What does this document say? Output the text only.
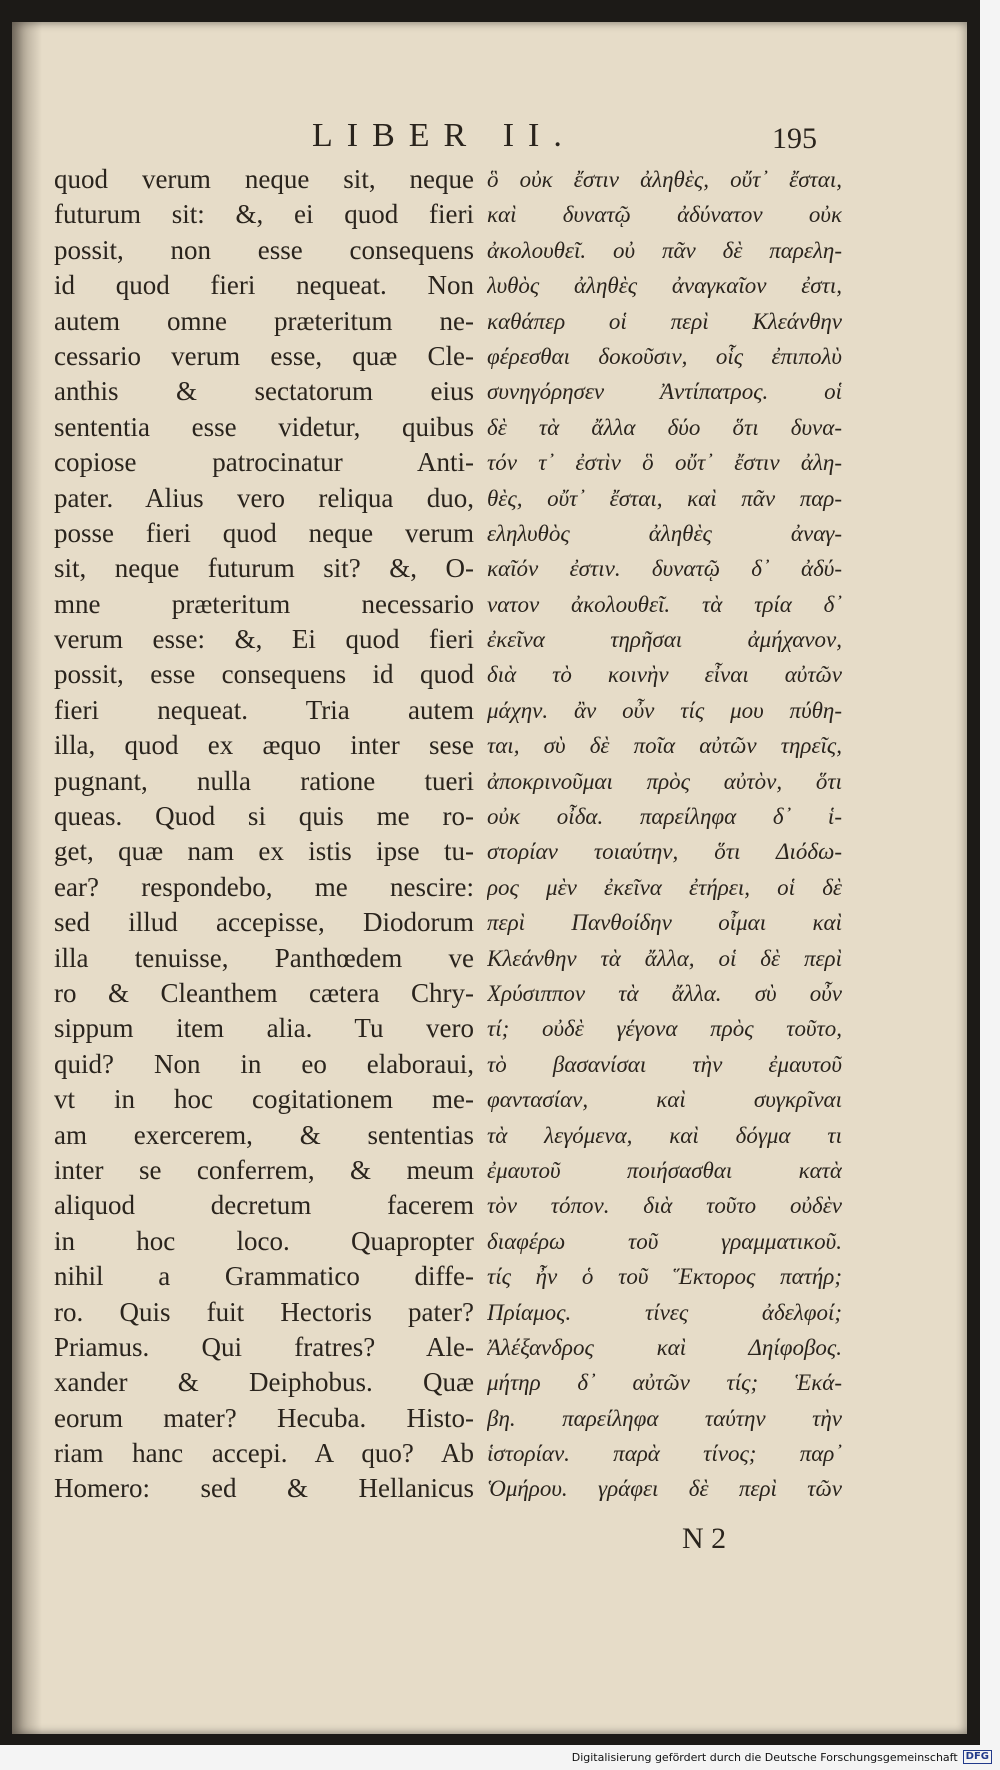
LIBER II.	195
quod verum neque sit, neque
futurum sit: &, ei quod fieri
possit, non esse consequens
id quod fieri nequeat. Non
autem omne præteritum ne-
cessario verum esse, quæ Cle-
anthis & sectatorum eius
sententia esse videtur, quibus
copiose patrocinatur Anti-
pater. Alius vero reliqua duo,
posse fieri quod neque verum
sit, neque futurum sit? &, O-
mne præteritum necessario
verum esse: &, Ei quod fieri
possit, esse consequens id quod
fieri nequeat. Tria autem
illa, quod ex æquo inter sese
pugnant, nulla ratione tueri
queas. Quod si quis me ro-
get, quæ nam ex istis ipse tu-
ear? respondebo, me nescire:
sed illud accepisse, Diodorum
illa tenuisse, Panthœdem ve
ro & Cleanthem cætera Chry-
sippum item alia. Tu vero
quid? Non in eo elaboraui,
vt in hoc cogitationem me-
am exercerem, & sententias
inter se conferrem, & meum
aliquod decretum facerem
in hoc loco. Quapropter
nihil a Grammatico diffe-
ro. Quis fuit Hectoris pater?
Priamus. Qui fratres? Ale-
xander & Deiphobus. Quæ
eorum mater? Hecuba. Histo-
riam hanc accepi. A quo? Ab
Homero: sed & Hellanicus
ὃ οὐκ ἔστιν ἀληθὲς, οὔτ᾽ ἔσται,
καὶ δυνατῷ ἀδύνατον οὐκ
ἀκολουθεῖ. οὐ πᾶν δὲ παρελη-
λυθὸς ἀληθὲς ἀναγκαῖον ἐστι,
καθάπερ οἱ περὶ Κλεάνθην
φέρεσθαι δοκοῦσιν, οἷς ἐπιπολὺ
συνηγόρησεν Ἀντίπατρος. οἱ
δὲ τὰ ἄλλα δύο ὅτι δυνα-
τόν τ᾽ ἐστὶν ὃ οὔτ᾽ ἔστιν ἀλη-
θὲς, οὔτ᾽ ἔσται, καὶ πᾶν παρ-
εληλυθὸς ἀληθὲς ἀναγ-
καῖόν ἐστιν. δυνατῷ δ᾽ ἀδύ-
νατον ἀκολουθεῖ. τὰ τρία δ᾽
ἐκεῖνα τηρῆσαι ἀμήχανον,
διὰ τὸ κοινὴν εἶναι αὐτῶν
μάχην. ἂν οὖν τίς μου πύθη-
ται, σὺ δὲ ποῖα αὐτῶν τηρεῖς,
ἀποκρινοῦμαι πρὸς αὐτὸν, ὅτι
οὐκ οἶδα. παρείληφα δ᾽ ἱ-
στορίαν τοιαύτην, ὅτι Διόδω-
ρος μὲν ἐκεῖνα ἐτήρει, οἱ δὲ
περὶ Πανθοίδην οἶμαι καὶ
Κλεάνθην τὰ ἄλλα, οἱ δὲ περὶ
Χρύσιππον τὰ ἄλλα. σὺ οὖν
τί; οὐδὲ γέγονα πρὸς τοῦτο,
τὸ βασανίσαι τὴν ἐμαυτοῦ
φαντασίαν, καὶ συγκρῖναι
τὰ λεγόμενα, καὶ δόγμα τι
ἐμαυτοῦ ποιήσασθαι κατὰ
τὸν τόπον. διὰ τοῦτο οὐδὲν
διαφέρω τοῦ γραμματικοῦ.
τίς ἦν ὁ τοῦ Ἕκτορος πατήρ;
Πρίαμος. τίνες ἀδελφοί;
Ἀλέξανδρος καὶ Δηίφοβος.
μήτηρ δ᾽ αὐτῶν τίς; Ἑκά-
βη. παρείληφα ταύτην τὴν
ἱστορίαν. παρὰ τίνος; παρ᾽
Ὁμήρου. γράφει δὲ περὶ τῶν
N 2
Digitalisierung gefördert durch die Deutsche Forschungsgemeinschaft DFG
